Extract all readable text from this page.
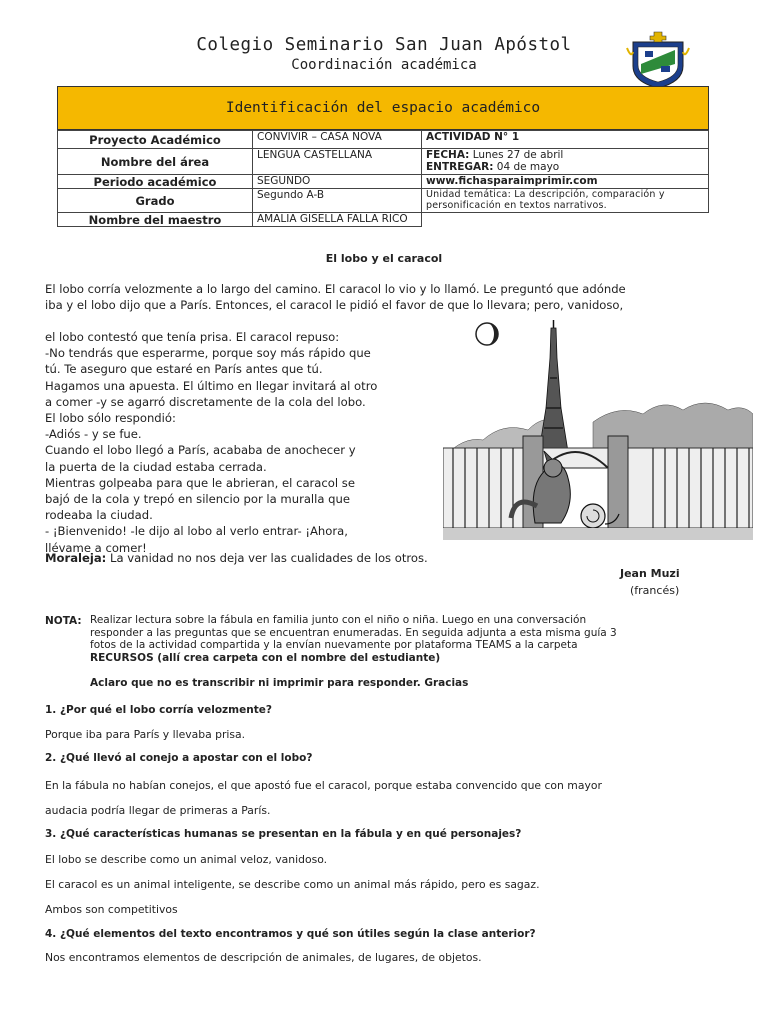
Colegio Seminario San Juan Apóstol
Coordinación académica
Identificación del espacio académico
Proyecto Académico	CONVIVIR – CASA NOVA	ACTIVIDAD N° 1
Nombre del área	LENGUA CASTELLANA	FECHA: Lunes 27 de abril
ENTREGAR: 04 de mayo

Periodo académico	SEGUNDO	www.fichasparaimprimir.com
Grado	Segundo A-B	Unidad temática: La descripción, comparación y personificación en textos narrativos.
Nombre del maestro	AMALIA GISELLA FALLA RICO	
El lobo y el caracol
El lobo corría velozmente a lo largo del camino. El caracol lo vio y lo llamó. Le preguntó que adónde
iba y el lobo dijo que a París. Entonces, el caracol le pidió el favor de que lo llevara; pero, vanidoso,
el lobo contestó que tenía prisa. El caracol repuso:
-No tendrás que esperarme, porque soy más rápido que
tú. Te aseguro que estaré en París antes que tú.
Hagamos una apuesta. El último en llegar invitará al otro
a comer -y se agarró discretamente de la cola del lobo.
El lobo sólo respondió:
-Adiós - y se fue.
Cuando el lobo llegó a París, acababa de anochecer y
la puerta de la ciudad estaba cerrada.
Mientras golpeaba para que le abrieran, el caracol se
bajó de la cola y trepó en silencio por la muralla que
rodeaba la ciudad.
- ¡Bienvenido! -le dijo al lobo al verlo entrar- ¡Ahora,
llévame a comer!
Moraleja: La vanidad no nos deja ver las cualidades de los otros.
Jean Muzi
(francés)
NOTA: Realizar lectura sobre la fábula en familia junto con el niño o niña. Luego en una conversación
responder a las preguntas que se encuentran enumeradas. En seguida adjunta a esta misma guía 3
fotos de la actividad compartida y la envían nuevamente por plataforma TEAMS a la carpeta
RECURSOS (allí crea carpeta con el nombre del estudiante)
Aclaro que no es transcribir ni imprimir para responder. Gracias
1. ¿Por qué el lobo corría velozmente?
Porque iba para París y llevaba prisa.
2. ¿Qué llevó al conejo a apostar con el lobo?
En la fábula no habían conejos, el que apostó fue el caracol, porque estaba convencido que con mayor
audacia podría llegar de primeras a París.
3. ¿Qué características humanas se presentan en la fábula y en qué personajes?
El lobo se describe como un animal veloz, vanidoso.
El caracol es un animal inteligente, se describe como un animal más rápido, pero es sagaz.
Ambos son competitivos
4. ¿Qué elementos del texto encontramos y qué son útiles según la clase anterior?
Nos encontramos elementos de descripción de animales, de lugares, de objetos.
